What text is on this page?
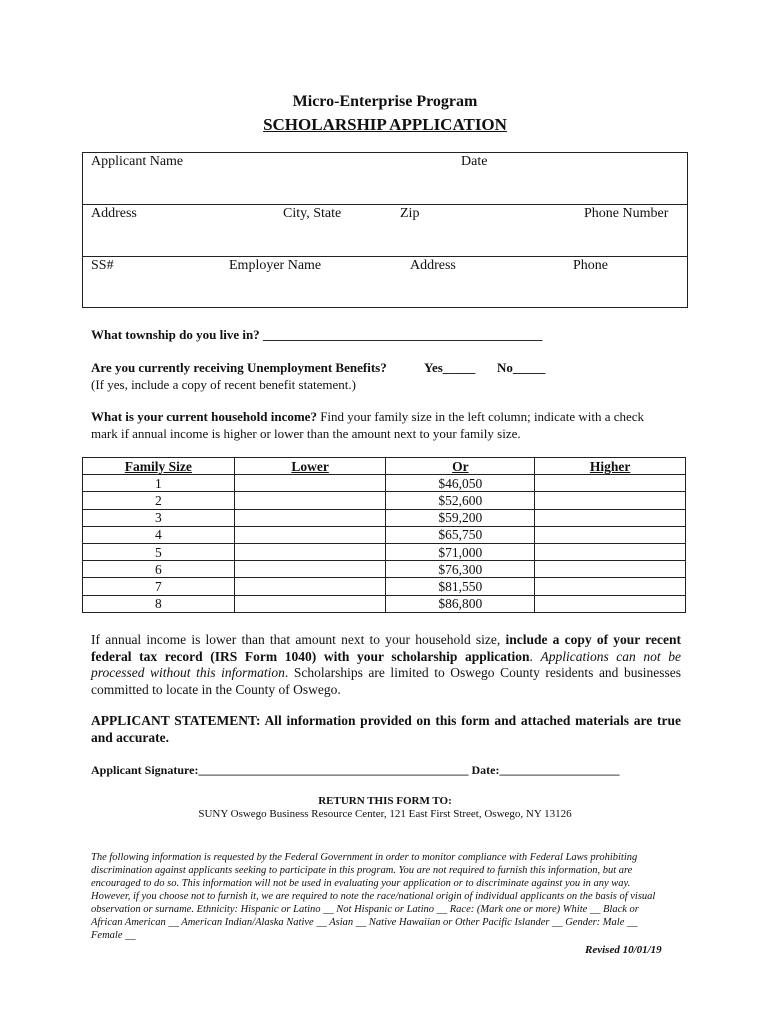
Micro-Enterprise Program
SCHOLARSHIP APPLICATION
Applicant Name	Date
Address	City, State	Zip	Phone Number
SS#	Employer Name	Address	Phone
What township do you live in? ___________________________________________
Are you currently receiving Unemployment Benefits?	Yes_____ No_____
(If yes, include a copy of recent benefit statement.)
What is your current household income? Find your family size in the left column; indicate with a check mark if annual income is higher or lower than the amount next to your family size.
Family Size	Lower	Or	Higher
1		$46,050	
2		$52,600	
3		$59,200	
4		$65,750	
5		$71,000	
6		$76,300	
7		$81,550	
8		$86,800	
If annual income is lower than that amount next to your household size, include a copy of your recent federal tax record (IRS Form 1040) with your scholarship application. Applications can not be processed without this information. Scholarships are limited to Oswego County residents and businesses committed to locate in the County of Oswego.
APPLICANT STATEMENT: All information provided on this form and attached materials are true and accurate.
Applicant Signature:_____________________________________________ Date:____________________
RETURN THIS FORM TO:
SUNY Oswego Business Resource Center, 121 East First Street, Oswego, NY 13126
The following information is requested by the Federal Government in order to monitor compliance with Federal Laws prohibiting discrimination against applicants seeking to participate in this program. You are not required to furnish this information, but are encouraged to do so. This information will not be used in evaluating your application or to discriminate against you in any way. However, if you choose not to furnish it, we are required to note the race/national origin of individual applicants on the basis of visual observation or surname. Ethnicity: Hispanic or Latino __ Not Hispanic or Latino __ Race: (Mark one or more) White __ Black or African American __ American Indian/Alaska Native __ Asian __ Native Hawaiian or Other Pacific Islander __ Gender: Male __ Female __
Revised 10/01/19
